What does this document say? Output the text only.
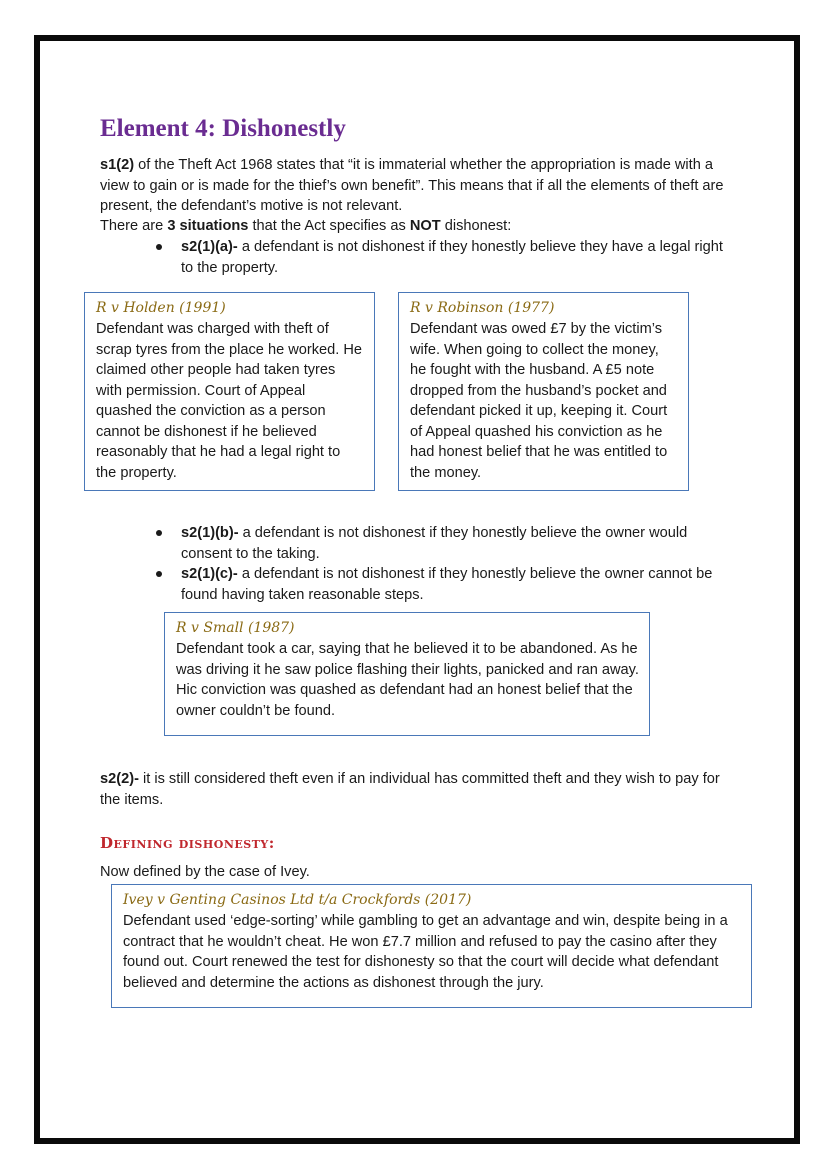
Element 4: Dishonestly

s1(2) of the Theft Act 1968 states that “it is immaterial whether the appropriation is made with a view to gain or is made for the thief’s own benefit”. This means that if all the elements of theft are present, the defendant’s motive is not relevant.

There are 3 situations that the Act specifies as NOT dishonest:

s2(1)(a)- a defendant is not dishonest if they honestly believe they have a legal right to the property.
R v Holden (1991)

Defendant was charged with theft of scrap tyres from the place he worked. He claimed other people had taken tyres with permission. Court of Appeal quashed the conviction as a person cannot be dishonest if he believed reasonably that he had a legal right to the property.

R v Robinson (1977)

Defendant was owed £7 by the victim’s wife. When going to collect the money, he fought with the husband. A £5 note dropped from the husband’s pocket and defendant picked it up, keeping it. Court of Appeal quashed his conviction as he had honest belief that he was entitled to the money.

s2(1)(b)- a defendant is not dishonest if they honestly believe the owner would consent to the taking.
s2(1)(c)- a defendant is not dishonest if they honestly believe the owner cannot be found having taken reasonable steps.
R v Small (1987)

Defendant took a car, saying that he believed it to be abandoned. As he was driving it he saw police flashing their lights, panicked and ran away. Hic conviction was quashed as defendant had an honest belief that the owner couldn’t be found.

s2(2)- it is still considered theft even if an individual has committed theft and they wish to pay for the items.

Defining dishonesty:

Now defined by the case of Ivey.

Ivey v Genting Casinos Ltd t/a Crockfords (2017)

Defendant used ‘edge-sorting’ while gambling to get an advantage and win, despite being in a contract that he wouldn’t cheat. He won £7.7 million and refused to pay the casino after they found out. Court renewed the test for dishonesty so that the court will decide what defendant believed and determine the actions as dishonest through the jury.
